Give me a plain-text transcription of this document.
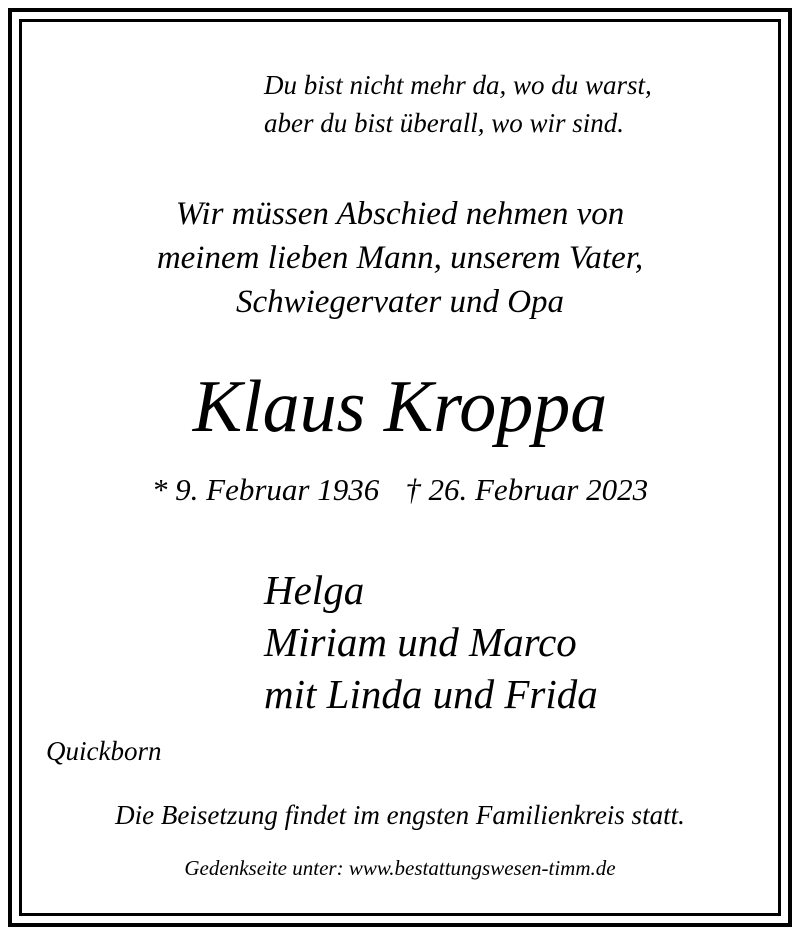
Du bist nicht mehr da, wo du warst,
aber du bist überall, wo wir sind.
Wir müssen Abschied nehmen von
meinem lieben Mann, unserem Vater,
Schwiegervater und Opa
Klaus Kroppa
* 9. Februar 1936 † 26. Februar 2023
Helga
Miriam und Marco
mit Linda und Frida
Quickborn
Die Beisetzung findet im engsten Familienkreis statt.
Gedenkseite unter: www.bestattungswesen-timm.de
